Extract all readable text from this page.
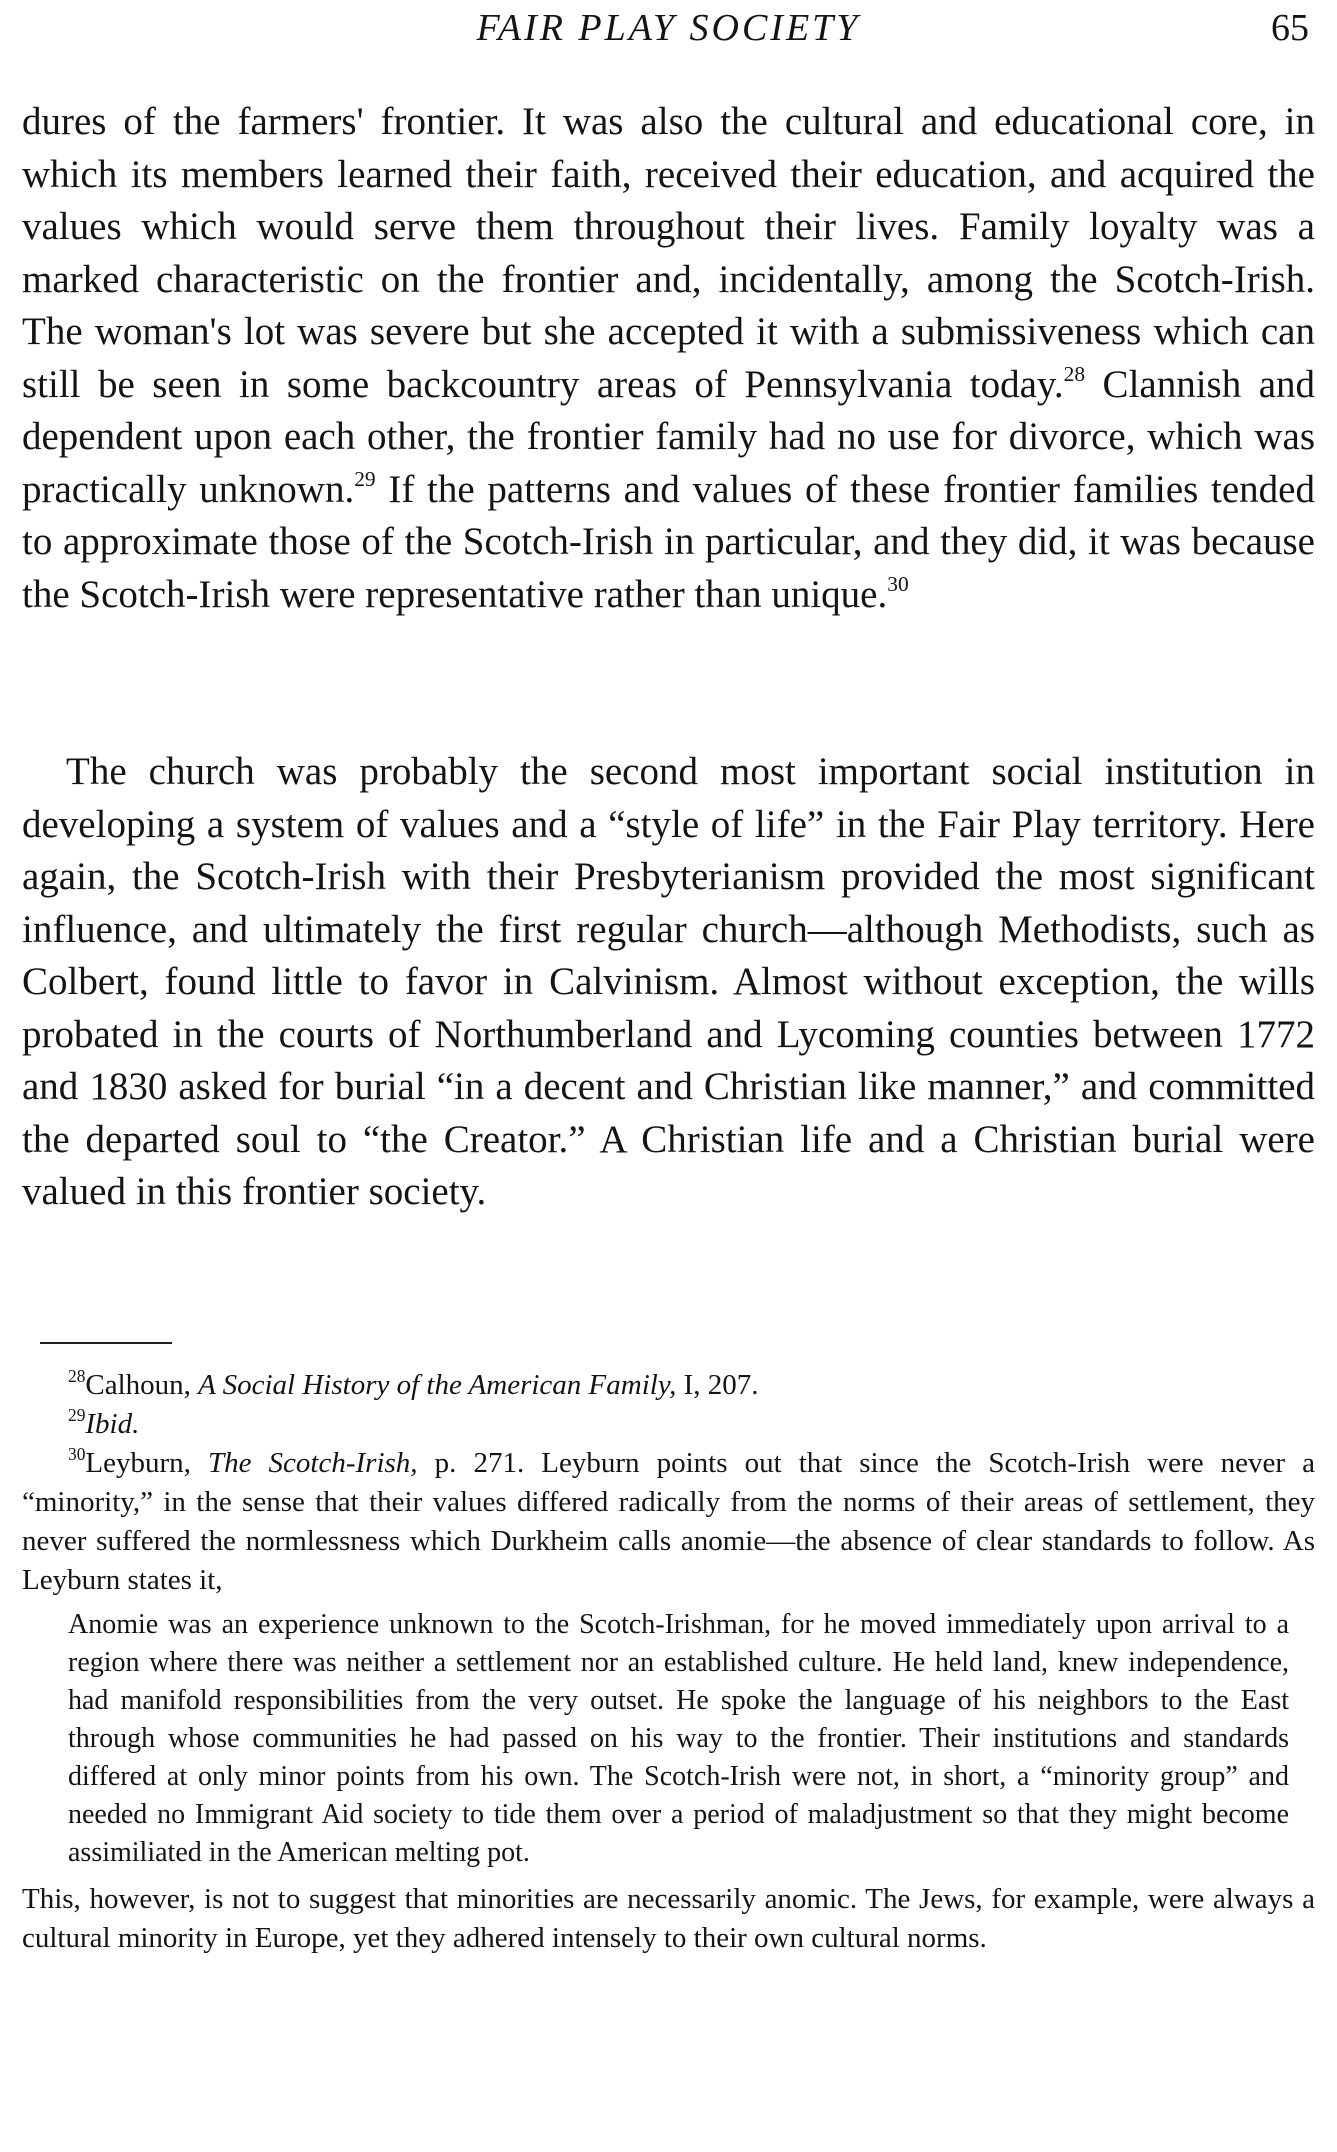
FAIR PLAY SOCIETY	65

dures of the farmers' frontier. It was also the cultural and educational core, in which its members learned their faith, received their education, and acquired the values which would serve them throughout their lives. Family loyalty was a marked characteristic on the frontier and, incidentally, among the Scotch-Irish. The woman's lot was severe but she accepted it with a submissiveness which can still be seen in some backcountry areas of Pennsylvania today.$^{28}$ Clannish and dependent upon each other, the frontier family had no use for divorce, which was practically unknown.$^{29}$ If the patterns and values of these frontier families tended to approximate those of the Scotch-Irish in particular, and they did, it was because the Scotch-Irish were representative rather than unique.$^{30}$

The church was probably the second most important social institution in developing a system of values and a “style of life” in the Fair Play territory. Here again, the Scotch-Irish with their Presbyterianism provided the most significant influence, and ultimately the first regular church—although Methodists, such as Colbert, found little to favor in Calvinism. Almost without exception, the wills probated in the courts of Northumberland and Lycoming counties between 1772 and 1830 asked for burial “in a decent and Christian like manner,” and committed the departed soul to “the Creator.” A Christian life and a Christian burial were valued in this frontier society.

$^{28}$Calhoun, A Social History of the American Family, I, 207.

$^{29}$Ibid.

$^{30}$Leyburn, The Scotch-Irish, p. 271. Leyburn points out that since the Scotch-Irish were never a “minority,” in the sense that their values differed radically from the norms of their areas of settlement, they never suffered the normlessness which Durkheim calls anomie—the absence of clear standards to follow. As Leyburn states it,

Anomie was an experience unknown to the Scotch-Irishman, for he moved immediately upon arrival to a region where there was neither a settlement nor an established culture. He held land, knew independence, had manifold responsibilities from the very outset. He spoke the language of his neighbors to the East through whose communities he had passed on his way to the frontier. Their institutions and standards differed at only minor points from his own. The Scotch-Irish were not, in short, a “minority group” and needed no Immigrant Aid society to tide them over a period of maladjustment so that they might become assimiliated in the American melting pot.

This, however, is not to suggest that minorities are necessarily anomic. The Jews, for example, were always a cultural minority in Europe, yet they adhered intensely to their own cultural norms.
